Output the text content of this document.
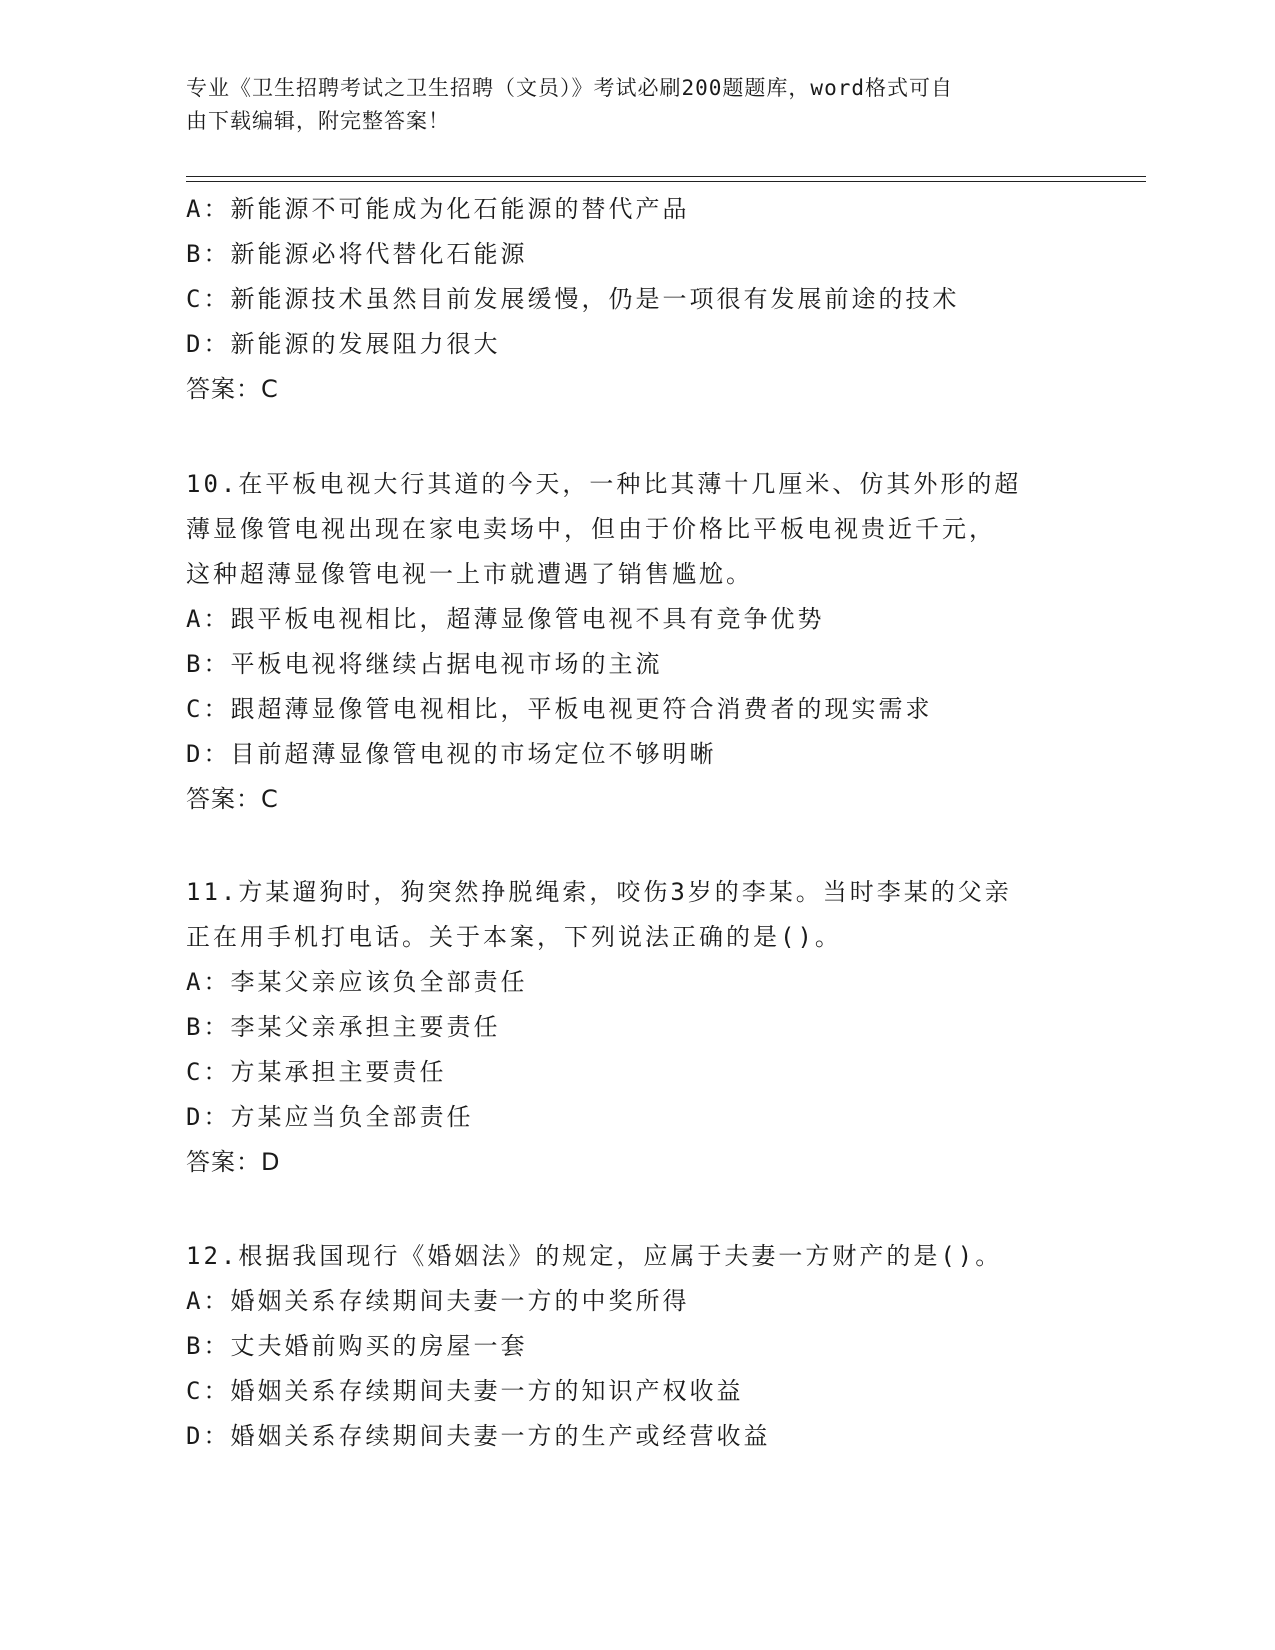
专业《卫生招聘考试之卫生招聘（文员）》考试必刷200题题库，word格式可自
由下载编辑，附完整答案！
A：新能源不可能成为化石能源的替代产品
B：新能源必将代替化石能源
C：新能源技术虽然目前发展缓慢，仍是一项很有发展前途的技术
D：新能源的发展阻力很大
答案：C
10.在平板电视大行其道的今天，一种比其薄十几厘米、仿其外形的超
薄显像管电视出现在家电卖场中，但由于价格比平板电视贵近千元，
这种超薄显像管电视一上市就遭遇了销售尴尬。
A：跟平板电视相比，超薄显像管电视不具有竞争优势
B：平板电视将继续占据电视市场的主流
C：跟超薄显像管电视相比，平板电视更符合消费者的现实需求
D：目前超薄显像管电视的市场定位不够明晰
答案：C
11.方某遛狗时，狗突然挣脱绳索，咬伤3岁的李某。当时李某的父亲
正在用手机打电话。关于本案，下列说法正确的是()。
A：李某父亲应该负全部责任
B：李某父亲承担主要责任
C：方某承担主要责任
D：方某应当负全部责任
答案：D
12.根据我国现行《婚姻法》的规定，应属于夫妻一方财产的是()。
A：婚姻关系存续期间夫妻一方的中奖所得
B：丈夫婚前购买的房屋一套
C：婚姻关系存续期间夫妻一方的知识产权收益
D：婚姻关系存续期间夫妻一方的生产或经营收益
